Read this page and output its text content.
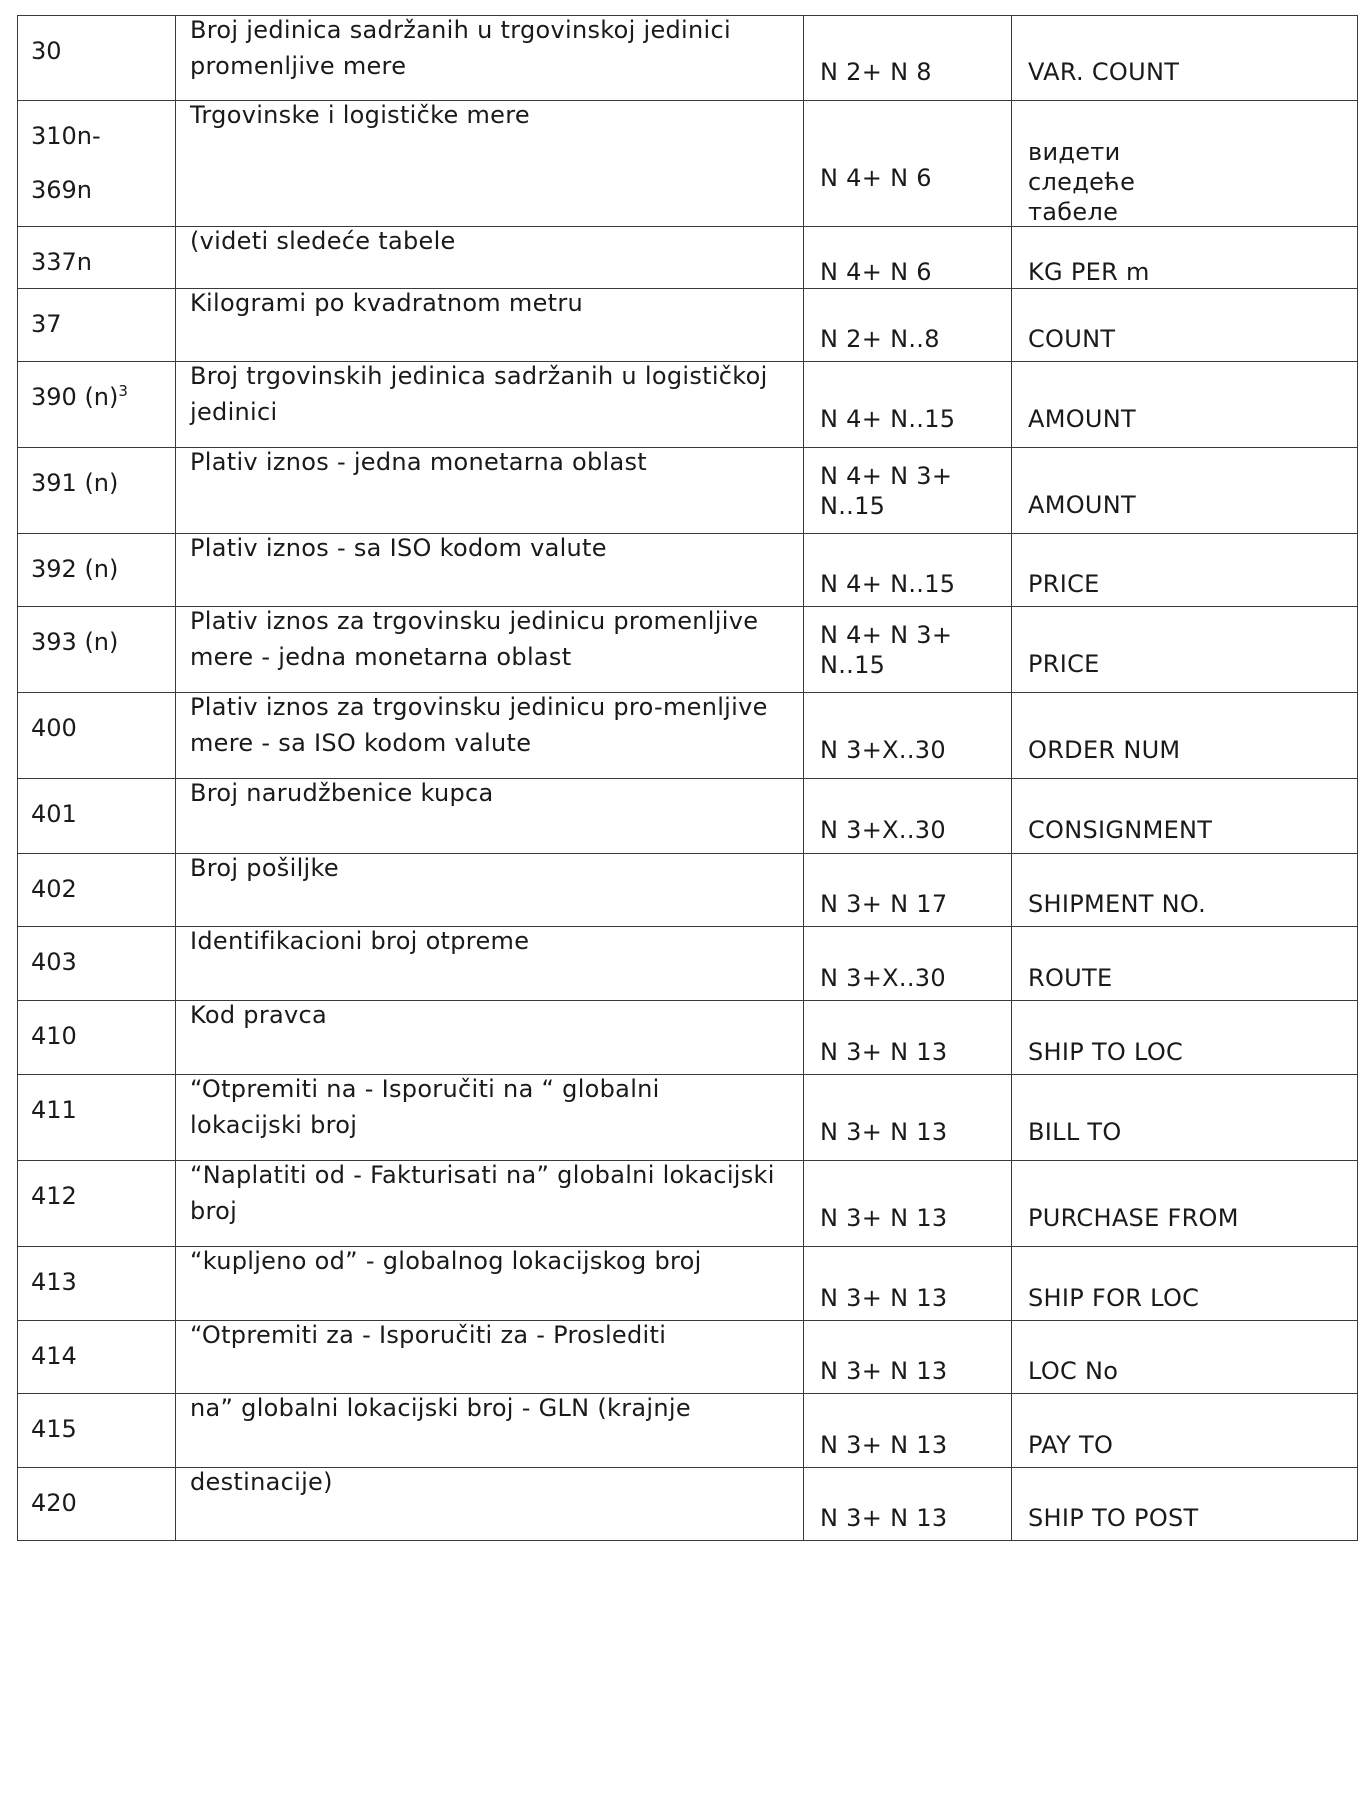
30	Broj jedinica sadržanih u trgovinskoj jedinici
promenljive mere	N 2+ N 8	VAR. COUNT

310n-
369n	Trgovinske i logističke mere	N 4+ N 6	видети
следеће
табеле

337n	(videti sledeće tabele	N 4+ N 6	KG PER m

37	Kilogrami po kvadratnom metru	N 2+ N..8	COUNT

390 $(n)^3$	Broj trgovinskih jedinica sadržanih u logističkoj
jedinici	N 4+ N..15	AMOUNT

391 (n)	Plativ iznos - jedna monetarna oblast	N 4+ N 3+
N..15	AMOUNT

392 (n)	Plativ iznos - sa ISO kodom valute	N 4+ N..15	PRICE

393 (n)	Plativ iznos za trgovinsku jedinicu promenljive
mere - jedna monetarna oblast	N 4+ N 3+
N..15	PRICE

400	Plativ iznos za trgovinsku jedinicu pro-menljive
mere - sa ISO kodom valute	N 3+X..30	ORDER NUM

401	Broj narudžbenice kupca	N 3+X..30	CONSIGNMENT

402	Broj pošiljke	N 3+ N 17	SHIPMENT NO.

403	Identifikacioni broj otpreme	N 3+X..30	ROUTE

410	Kod pravca	N 3+ N 13	SHIP TO LOC

411	“Otpremiti na - Isporučiti na “ globalni
lokacijski broj	N 3+ N 13	BILL TO

412	“Naplatiti od - Fakturisati na” globalni lokacijski
broj	N 3+ N 13	PURCHASE FROM

413	“kupljeno od” - globalnog lokacijskog broj	N 3+ N 13	SHIP FOR LOC

414	“Otpremiti za - Isporučiti za - Proslediti	N 3+ N 13	LOC No

415	na” globalni lokacijski broj - GLN (krajnje	N 3+ N 13	PAY TO

420	destinacije)	N 3+ N 13	SHIP TO POST
